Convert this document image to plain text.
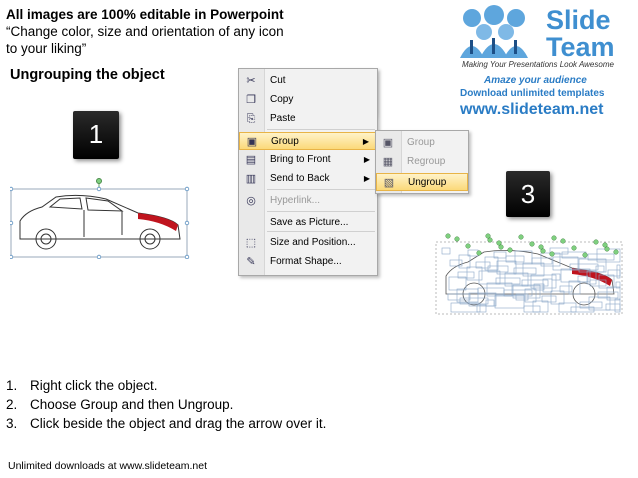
All images are 100% editable in Powerpoint
“Change color, size and orientation of any icon
to your liking”
Ungrouping the object
Slide
Team
Making Your Presentations Look Awesome
Amaze your audience
Download unlimited templates
www.slideteam.net
1
3
✂ Cut
❐ Copy
⎘ Paste
▣ Group	▶
▤ Bring to Front	▶
▥ Send to Back	▶
◎ Hyperlink...
Save as Picture...
⬚ Size and Position...
✎ Format Shape...
▣ Group
▦ Regroup
▧ Ungroup
1. Right click the object.
2. Choose Group and then Ungroup.
3. Click beside the object and drag the arrow over it.
Unlimited downloads at www.slideteam.net
